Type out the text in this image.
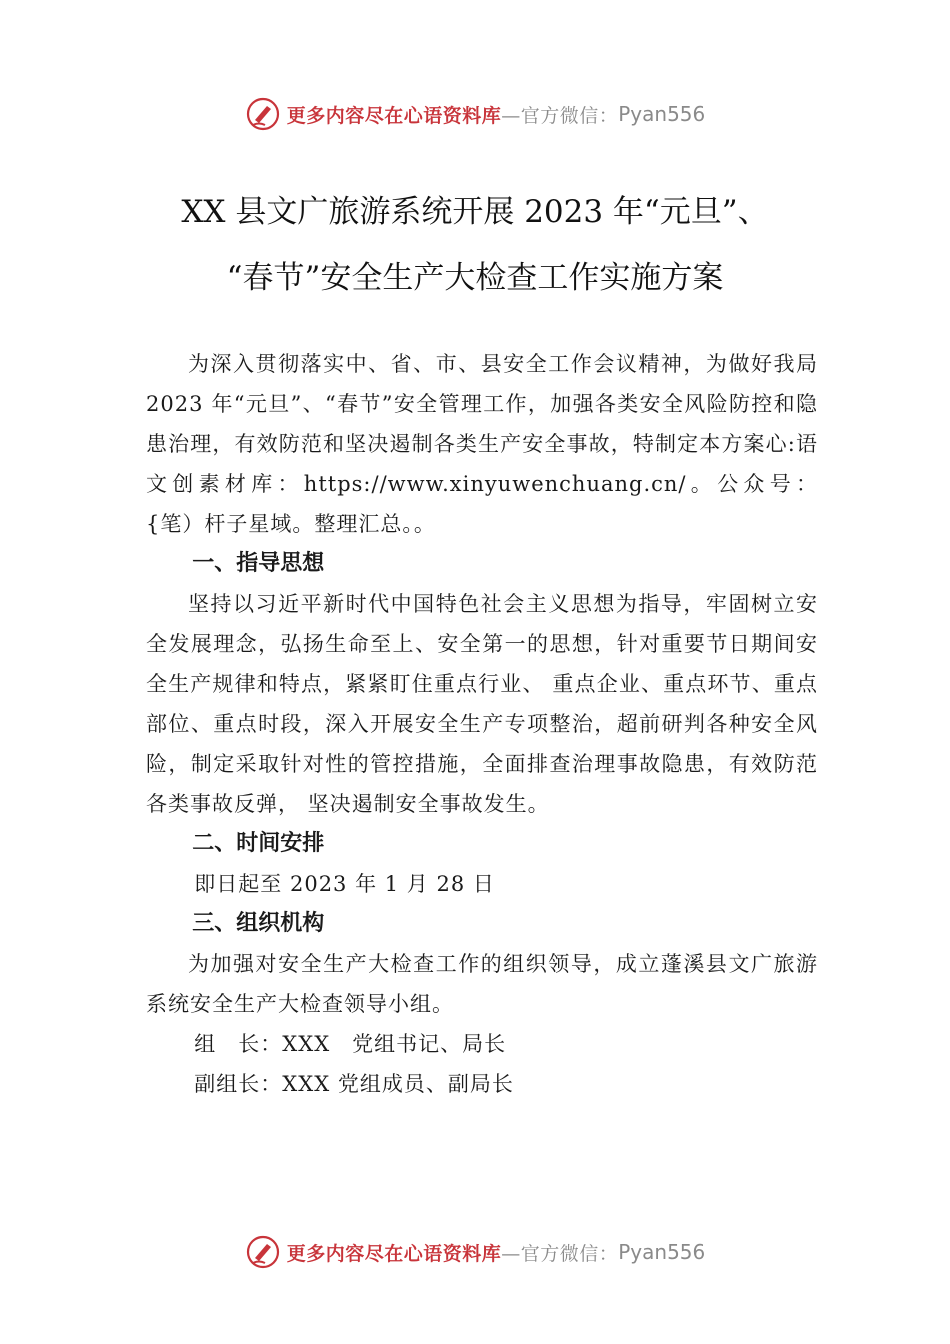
更多内容尽在心语资料库 —官方微信： Pyan556
XX 县文广旅游系统开展 2023 年“元旦”、
“春节”安全生产大检查工作实施方案

为深入贯彻落实中、省、市、县安全工作会议精神，为做好我局 2023 年“元旦”、“春节”安全管理工作，加强各类安全风险防控和隐患治理，有效防范和坚决遏制各类生产安全事故，特制定本方案心:语文创素材库：https://www.xinyuwenchuang.cn/。公众号：{笔）杆子星域。整理汇总。。

一、指导思想

坚持以习近平新时代中国特色社会主义思想为指导，牢固树立安全发展理念，弘扬生命至上、安全第一的思想，针对重要节日期间安全生产规律和特点，紧紧盯住重点行业、 重点企业、重点环节、重点部位、重点时段，深入开展安全生产专项整治，超前研判各种安全风险，制定采取针对性的管控措施，全面排查治理事故隐患，有效防范各类事故反弹， 坚决遏制安全事故发生。

二、时间安排

即日起至 2023 年 1 月 28 日

三、组织机构

为加强对安全生产大检查工作的组织领导，成立蓬溪县文广旅游系统安全生产大检查领导小组。

组　长：XXX　党组书记、局长

副组长：XXX 党组成员、副局长

更多内容尽在心语资料库 —官方微信： Pyan556
